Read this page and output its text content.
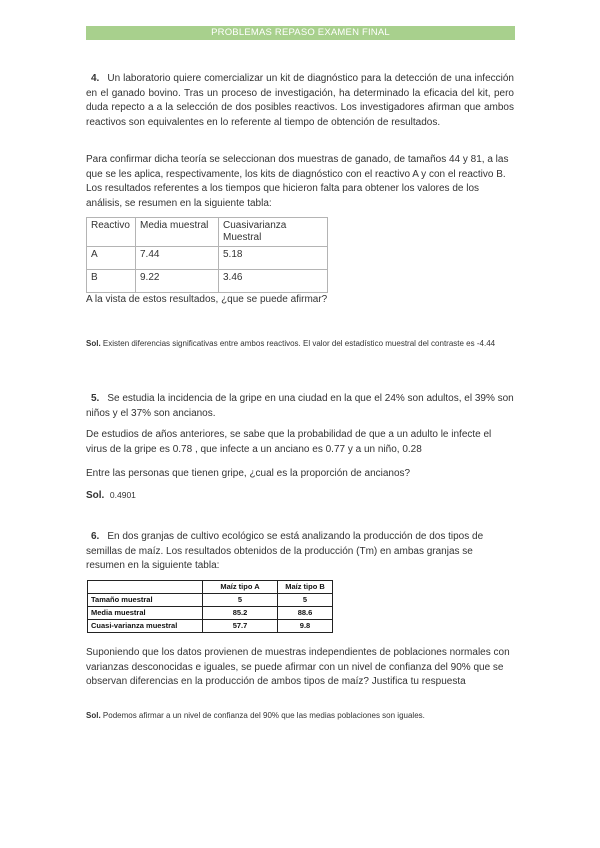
PROBLEMAS REPASO EXAMEN FINAL
4. Un laboratorio quiere comercializar un kit de diagnóstico para la detección de una infección en el ganado bovino. Tras un proceso de investigación, ha determinado la eficacia del kit, pero duda repecto a a la selección de dos posibles reactivos. Los investigadores afirman que ambos reactivos son equivalentes en lo referente al tiempo de obtención de resultados.
Para confirmar dicha teoría se seleccionan dos muestras de ganado, de tamaños 44 y 81, a las que se les aplica, respectivamente, los kits de diagnóstico con el reactivo A y con el reactivo B. Los resultados referentes a los tiempos que hicieron falta para obtener los valores de los análisis, se resumen en la siguiente tabla:
Reactivo	Media muestral	Cuasivarianza Muestral
A	7.44	5.18
B	9.22	3.46
A la vista de estos resultados, ¿que se puede afirmar?
Sol. Existen diferencias significativas entre ambos reactivos. El valor del estadístico muestral del contraste es -4.44
5. Se estudia la incidencia de la gripe en una ciudad en la que el 24% son adultos, el 39% son niños y el 37% son ancianos.
De estudios de años anteriores, se sabe que la probabilidad de que a un adulto le infecte el virus de la gripe es 0.78 , que infecte a un anciano es 0.77 y a un niño, 0.28
Entre las personas que tienen gripe, ¿cual es la proporción de ancianos?
Sol. 0.4901
6. En dos granjas de cultivo ecológico se está analizando la producción de dos tipos de semillas de maíz. Los resultados obtenidos de la producción (Tm) en ambas granjas se resumen en la siguiente tabla:
	Maíz tipo A	Maíz tipo B
Tamaño muestral	5	5
Media muestral	85.2	88.6
Cuasi-varianza muestral	57.7	9.8
Suponiendo que los datos provienen de muestras independientes de poblaciones normales con varianzas desconocidas e iguales, se puede afirmar con un nivel de confianza del 90% que se observan diferencias en la producción de ambos tipos de maíz? Justifica tu respuesta
Sol. Podemos afirmar a un nivel de confianza del 90% que las medias poblaciones son iguales.
